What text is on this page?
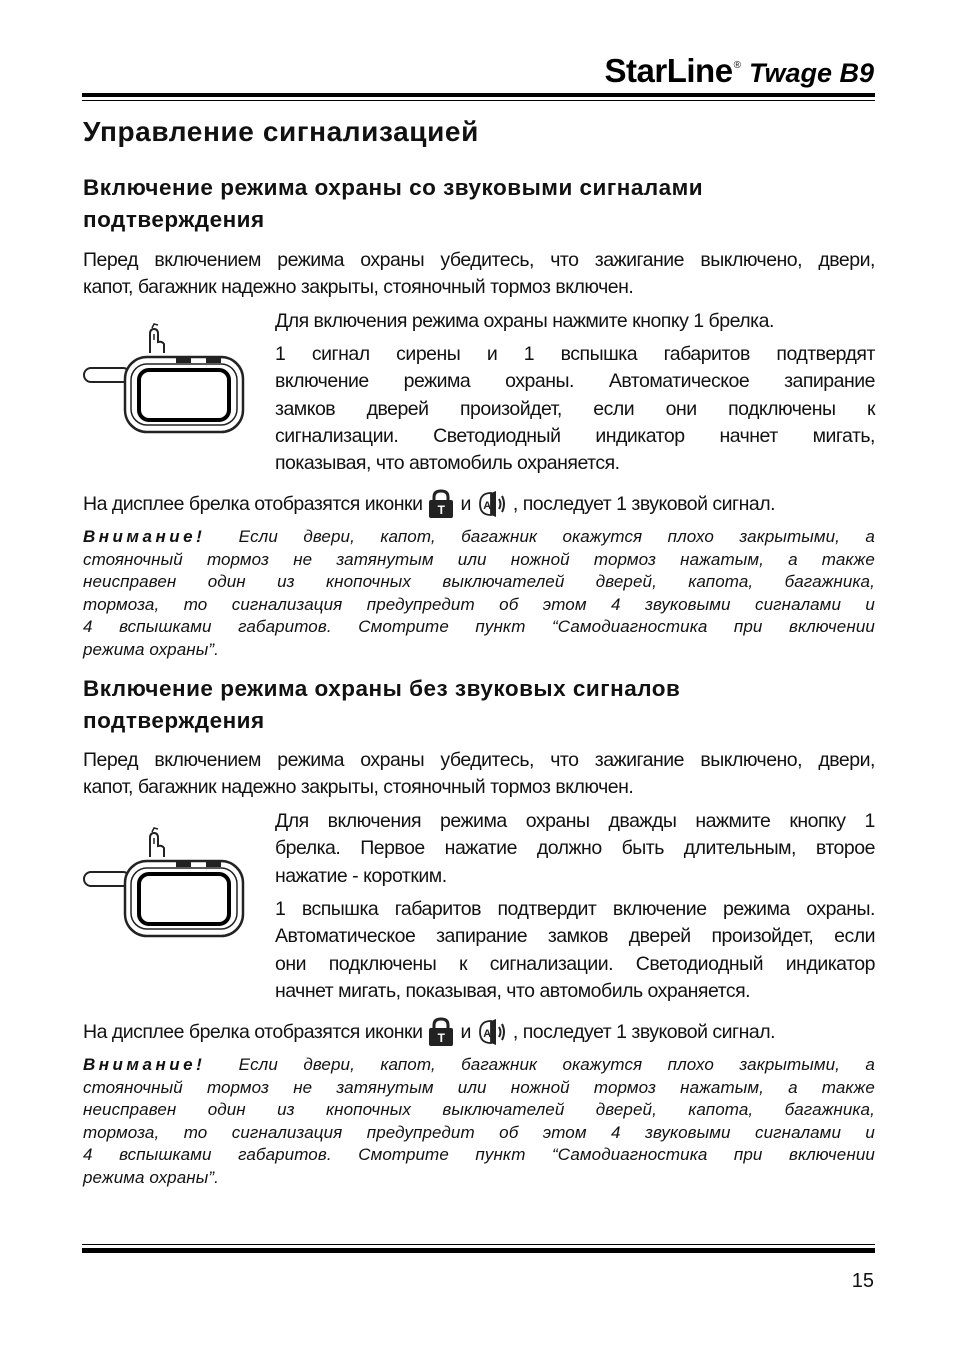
StarLine ® Twage B9
Управление сигнализацией
Включение режима охраны со звуковыми сигналами
подтверждения
Перед включением режима охраны убедитесь, что зажигание выключено, двери,
капот, багажник надежно закрыты, стояночный тормоз включен.
Для включения режима охраны нажмите кнопку 1 брелка.
1 сигнал сирены и 1 вспышка габаритов подтвердят
включение режима охраны. Автоматическое запирание
замков дверей произойдет, если они подключены к
сигнализации. Светодиодный индикатор начнет мигать,
показывая, что автомобиль охраняется.
На дисплее брелка отобразятся иконки T и A , последует 1 звуковой сигнал.
Внимание! Если двери, капот, багажник окажутся плохо закрытыми, а
стояночный тормоз не затянутым или ножной тормоз нажатым, а также
неисправен один из кнопочных выключателей дверей, капота, багажника,
тормоза, то сигнализация предупредит об этом 4 звуковыми сигналами и
4 вспышками габаритов. Смотрите пункт “Самодиагностика при включении
режима охраны”.
Включение режима охраны без звуковых сигналов
подтверждения
Перед включением режима охраны убедитесь, что зажигание выключено, двери,
капот, багажник надежно закрыты, стояночный тормоз включен.
Для включения режима охраны дважды нажмите кнопку 1
брелка. Первое нажатие должно быть длительным, второе
нажатие - коротким.
1 вспышка габаритов подтвердит включение режима охраны.
Автоматическое запирание замков дверей произойдет, если
они подключены к сигнализации. Светодиодный индикатор
начнет мигать, показывая, что автомобиль охраняется.
На дисплее брелка отобразятся иконки T и A , последует 1 звуковой сигнал.
Внимание! Если двери, капот, багажник окажутся плохо закрытыми, а
стояночный тормоз не затянутым или ножной тормоз нажатым, а также
неисправен один из кнопочных выключателей дверей, капота, багажника,
тормоза, то сигнализация предупредит об этом 4 звуковыми сигналами и
4 вспышками габаритов. Смотрите пункт “Самодиагностика при включении
режима охраны”.
15
